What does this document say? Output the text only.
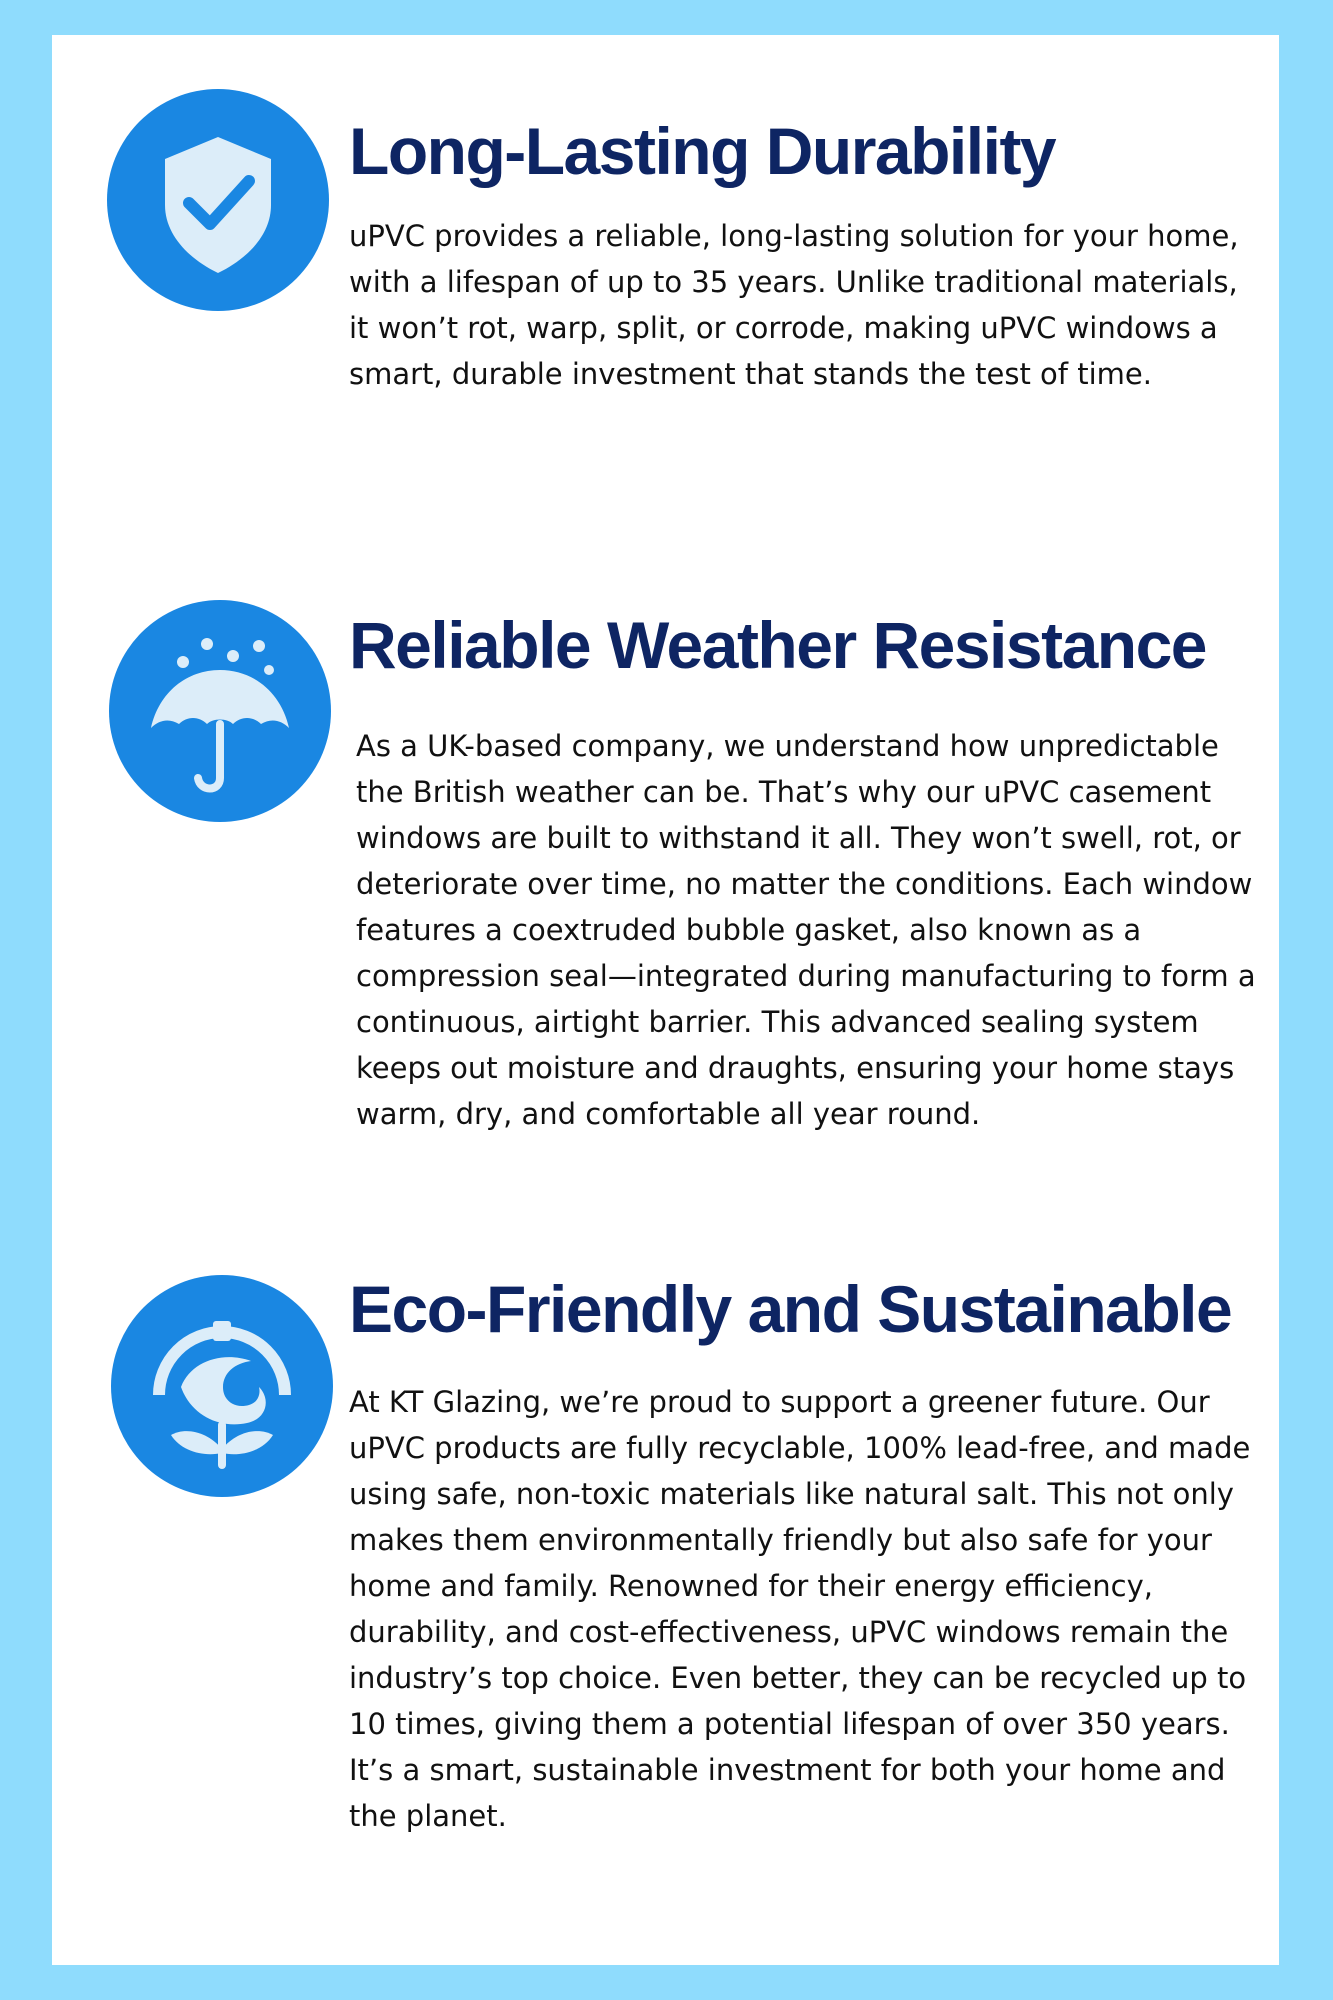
Long-Lasting Durability

uPVC provides a reliable, long-lasting solution for your home, with a lifespan of up to 35 years. Unlike traditional materials, it won’t rot, warp, split, or corrode, making uPVC windows a smart, durable investment that stands the test of time.

Reliable Weather Resistance

As a UK-based company, we understand how unpredictable the British weather can be. That’s why our uPVC casement windows are built to withstand it all. They won’t swell, rot, or deteriorate over time, no matter the conditions. Each window features a coextruded bubble gasket, also known as a compression seal—integrated during manufacturing to form a continuous, airtight barrier. This advanced sealing system keeps out moisture and draughts, ensuring your home stays warm, dry, and comfortable all year round.

Eco-Friendly and Sustainable

At KT Glazing, we’re proud to support a greener future. Our uPVC products are fully recyclable, 100% lead-free, and made using safe, non-toxic materials like natural salt. This not only makes them environmentally friendly but also safe for your home and family. Renowned for their energy efficiency, durability, and cost-effectiveness, uPVC windows remain the industry’s top choice. Even better, they can be recycled up to 10 times, giving them a potential lifespan of over 350 years. It’s a smart, sustainable investment for both your home and the planet.
